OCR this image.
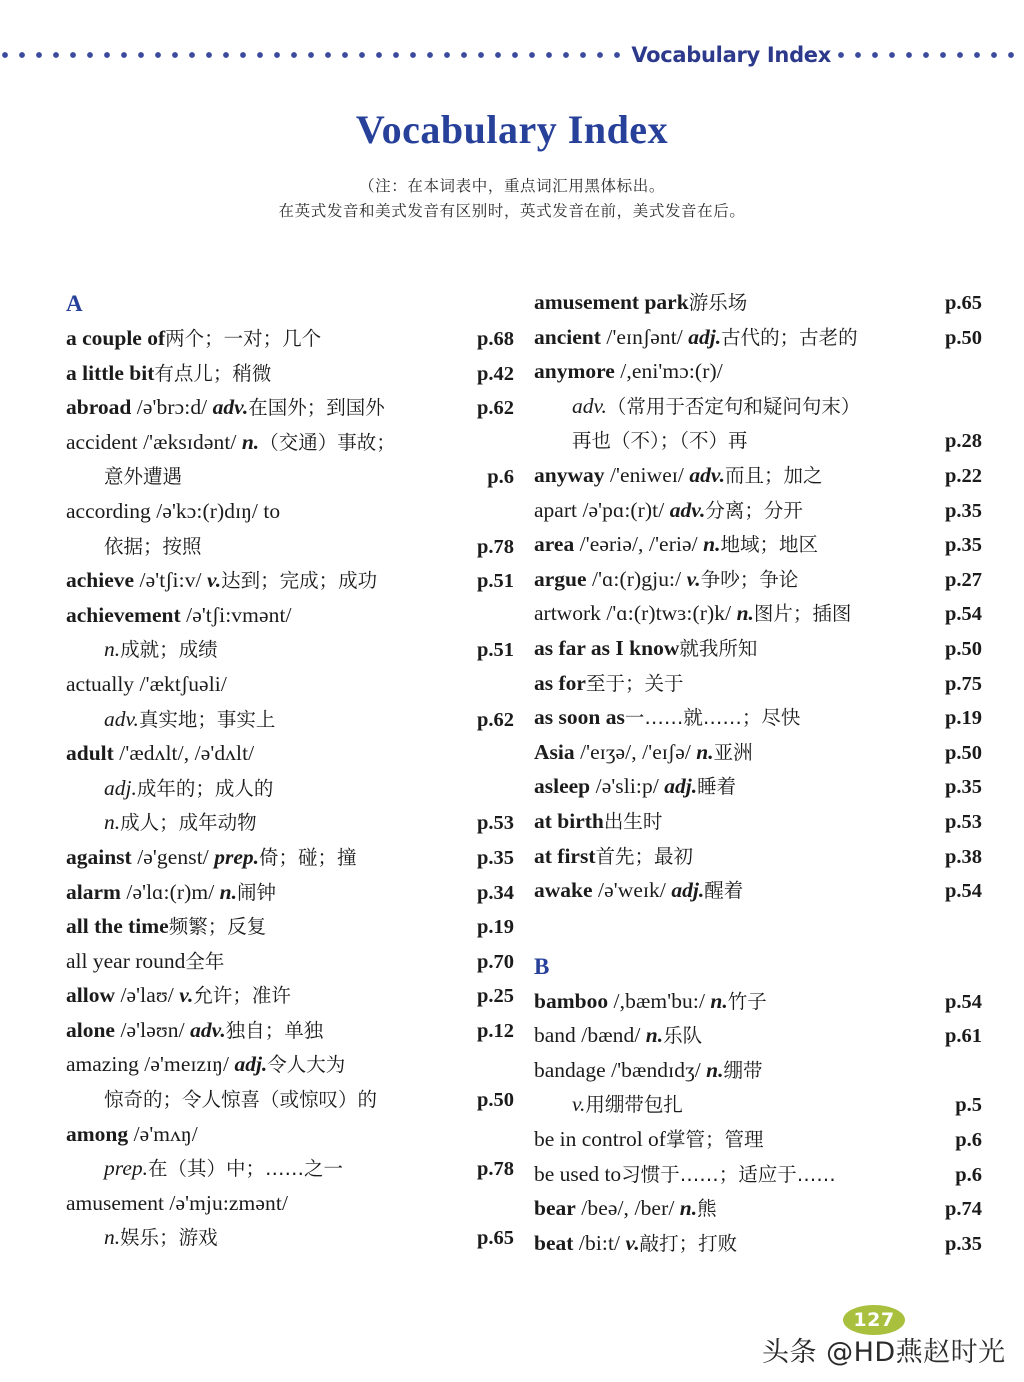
Vocabulary Index
Vocabulary Index
（注：在本词表中，重点词汇用黑体标出。
在英式发音和美式发音有区别时，英式发音在前，美式发音在后。
A
a couple of两个；一对；几个	p.68
a little bit有点儿；稍微	p.42
abroad /ə'brɔ:d/ adv.在国外；到国外	p.62
accident /'æksɪdənt/ n.（交通）事故；
意外遭遇	p.6
according /ə'kɔ:(r)dɪŋ/ to
依据；按照	p.78
achieve /ə'tʃi:v/ v.达到；完成；成功	p.51
achievement /ə'tʃi:vmənt/
n.成就；成绩	p.51
actually /'æktʃuəli/
adv.真实地；事实上	p.62
adult /'ædʌlt/, /ə'dʌlt/
adj.成年的；成人的
n.成人；成年动物	p.53
against /ə'genst/ prep.倚；碰；撞	p.35
alarm /ə'lɑ:(r)m/ n.闹钟	p.34
all the time频繁；反复	p.19
all year round全年	p.70
allow /ə'laʊ/ v.允许；准许	p.25
alone /ə'ləʊn/ adv.独自；单独	p.12
amazing /ə'meɪzɪŋ/ adj.令人大为
惊奇的；令人惊喜（或惊叹）的	p.50
among /ə'mʌŋ/
prep.在（其）中；……之一	p.78
amusement /ə'mju:zmənt/
n.娱乐；游戏	p.65
amusement park游乐场	p.65
ancient /'eɪnʃənt/ adj.古代的；古老的	p.50
anymore /,eni'mɔ:(r)/
adv.（常用于否定句和疑问句末）
再也（不）；（不）再	p.28
anyway /'eniweɪ/ adv.而且；加之	p.22
apart /ə'pɑ:(r)t/ adv.分离；分开	p.35
area /'eəriə/, /'eriə/ n.地域；地区	p.35
argue /'ɑ:(r)gju:/ v.争吵；争论	p.27
artwork /'ɑ:(r)twɜ:(r)k/ n.图片；插图	p.54
as far as I know就我所知	p.50
as for至于；关于	p.75
as soon as一……就……；尽快	p.19
Asia /'eɪʒə/, /'eɪʃə/ n.亚洲	p.50
asleep /ə'sli:p/ adj.睡着	p.35
at birth出生时	p.53
at first首先；最初	p.38
awake /ə'weɪk/ adj.醒着	p.54
B
bamboo /,bæm'bu:/ n.竹子	p.54
band /bænd/ n.乐队	p.61
bandage /'bændɪdʒ/ n.绷带
v.用绷带包扎	p.5
be in control of掌管；管理	p.6
be used to习惯于……；适应于……	p.6
bear /beə/, /ber/ n.熊	p.74
beat /bi:t/ v.敲打；打败	p.35
127
头条 @HD燕赵时光
